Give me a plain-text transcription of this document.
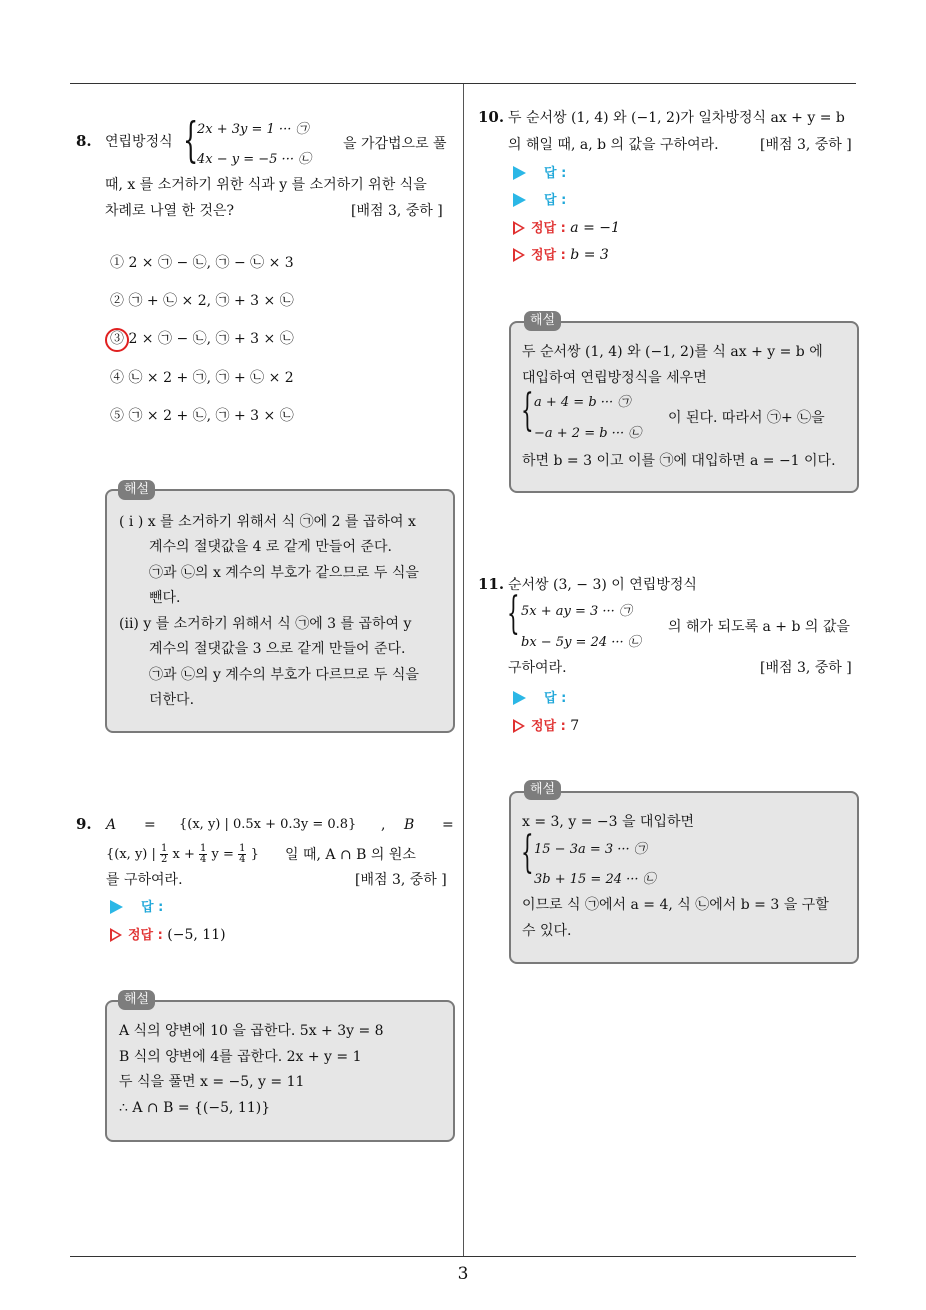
8. 연립방정식 {
2x + 3y = 1 ··· ㉠
4x − y = −5 ··· ㉡
을 가감법으로 풀
때, x 를 소거하기 위한 식과 y 를 소거하기 위한 식을
차례로 나열 한 것은?	[배점 3, 중하 ]
① 2 × ㉠ − ㉡, ㉠ − ㉡ × 3
② ㉠ + ㉡ × 2, ㉠ + 3 × ㉡
③ 2 × ㉠ − ㉡, ㉠ + 3 × ㉡
④ ㉡ × 2 + ㉠, ㉠ + ㉡ × 2
⑤ ㉠ × 2 + ㉡, ㉠ + 3 × ㉡
해설
( i ) x 를 소거하기 위해서 식 ㉠에 2 를 곱하여 x
계수의 절댓값을 4 로 같게 만들어 준다.
㉠과 ㉡의 x 계수의 부호가 같으므로 두 식을
뺀다.
(ii) y 를 소거하기 위해서 식 ㉠에 3 를 곱하여 y
계수의 절댓값을 3 으로 같게 만들어 준다.
㉠과 ㉡의 y 계수의 부호가 다르므로 두 식을
더한다.
9. A = {(x, y) | 0.5x + 0.3y = 0.8} , B =
{(x, y) | $\frac{1}{2}$ $x + \frac{1}{4}$ $y = \frac{1}{4}$ } 일 때, A ∩ B 의 원소
를 구하여라.	[배점 3, 중하 ]
답 :
정답 : (−5, 11)
해설
A 식의 양변에 10 을 곱한다. 5x + 3y = 8
B 식의 양변에 4를 곱한다. 2x + y = 1
두 식을 풀면 x = −5, y = 11
∴ A ∩ B = {(−5, 11)}
10. 두 순서쌍 (1, 4) 와 (−1, 2)가 일차방정식 ax + y = b
의 해일 때, a, b 의 값을 구하여라.	[배점 3, 중하 ]
답 :
답 :
정답 : a = −1
정답 : b = 3
해설
두 순서쌍 (1, 4) 와 (−1, 2)를 식 ax + y = b 에
대입하여 연립방정식을 세우면
{ a + 4 = b ··· ㉠
−a + 2 = b ··· ㉡
이 된다. 따라서 ㉠+ ㉡을
하면 b = 3 이고 이를 ㉠에 대입하면 a = −1 이다.
11. 순서쌍 (3, − 3) 이 연립방정식
{ 5x + ay = 3 ··· ㉠
bx − 5y = 24 ··· ㉡
의 해가 되도록 a + b 의 값을
구하여라.	[배점 3, 중하 ]
답 :
정답 : 7
해설
x = 3, y = −3 을 대입하면
{ 15 − 3a = 3 ··· ㉠
3b + 15 = 24 ··· ㉡
이므로 식 ㉠에서 a = 4, 식 ㉡에서 b = 3 을 구할
수 있다.
3
